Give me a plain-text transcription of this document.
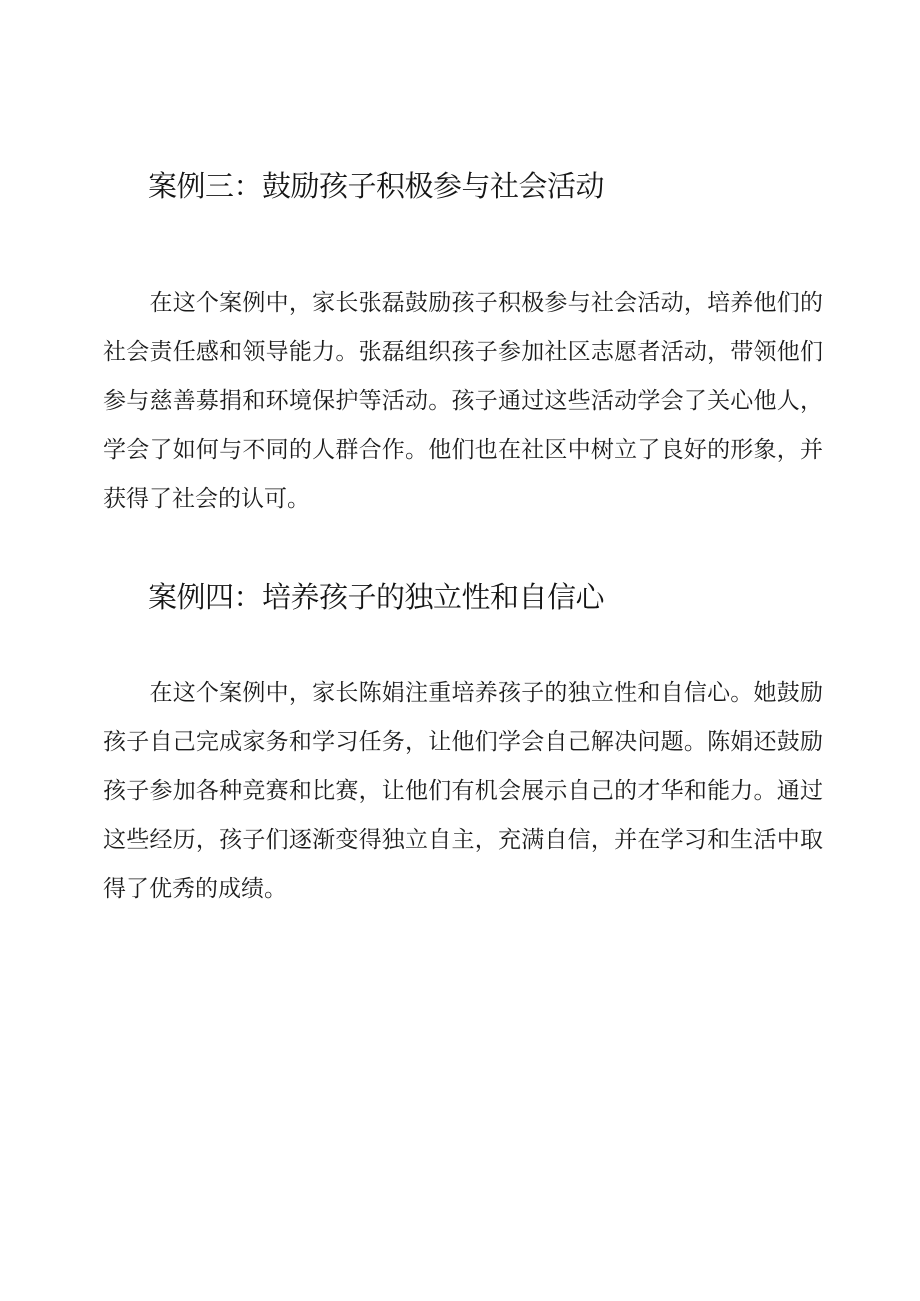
案例三：鼓励孩子积极参与社会活动

　　在这个案例中，家长张磊鼓励孩子积极参与社会活动，培养他们的
社会责任感和领导能力。张磊组织孩子参加社区志愿者活动，带领他们
参与慈善募捐和环境保护等活动。孩子通过这些活动学会了关心他人，
学会了如何与不同的人群合作。他们也在社区中树立了良好的形象，并
获得了社会的认可。

案例四：培养孩子的独立性和自信心

　　在这个案例中，家长陈娟注重培养孩子的独立性和自信心。她鼓励
孩子自己完成家务和学习任务，让他们学会自己解决问题。陈娟还鼓励
孩子参加各种竞赛和比赛，让他们有机会展示自己的才华和能力。通过
这些经历，孩子们逐渐变得独立自主，充满自信，并在学习和生活中取
得了优秀的成绩。
